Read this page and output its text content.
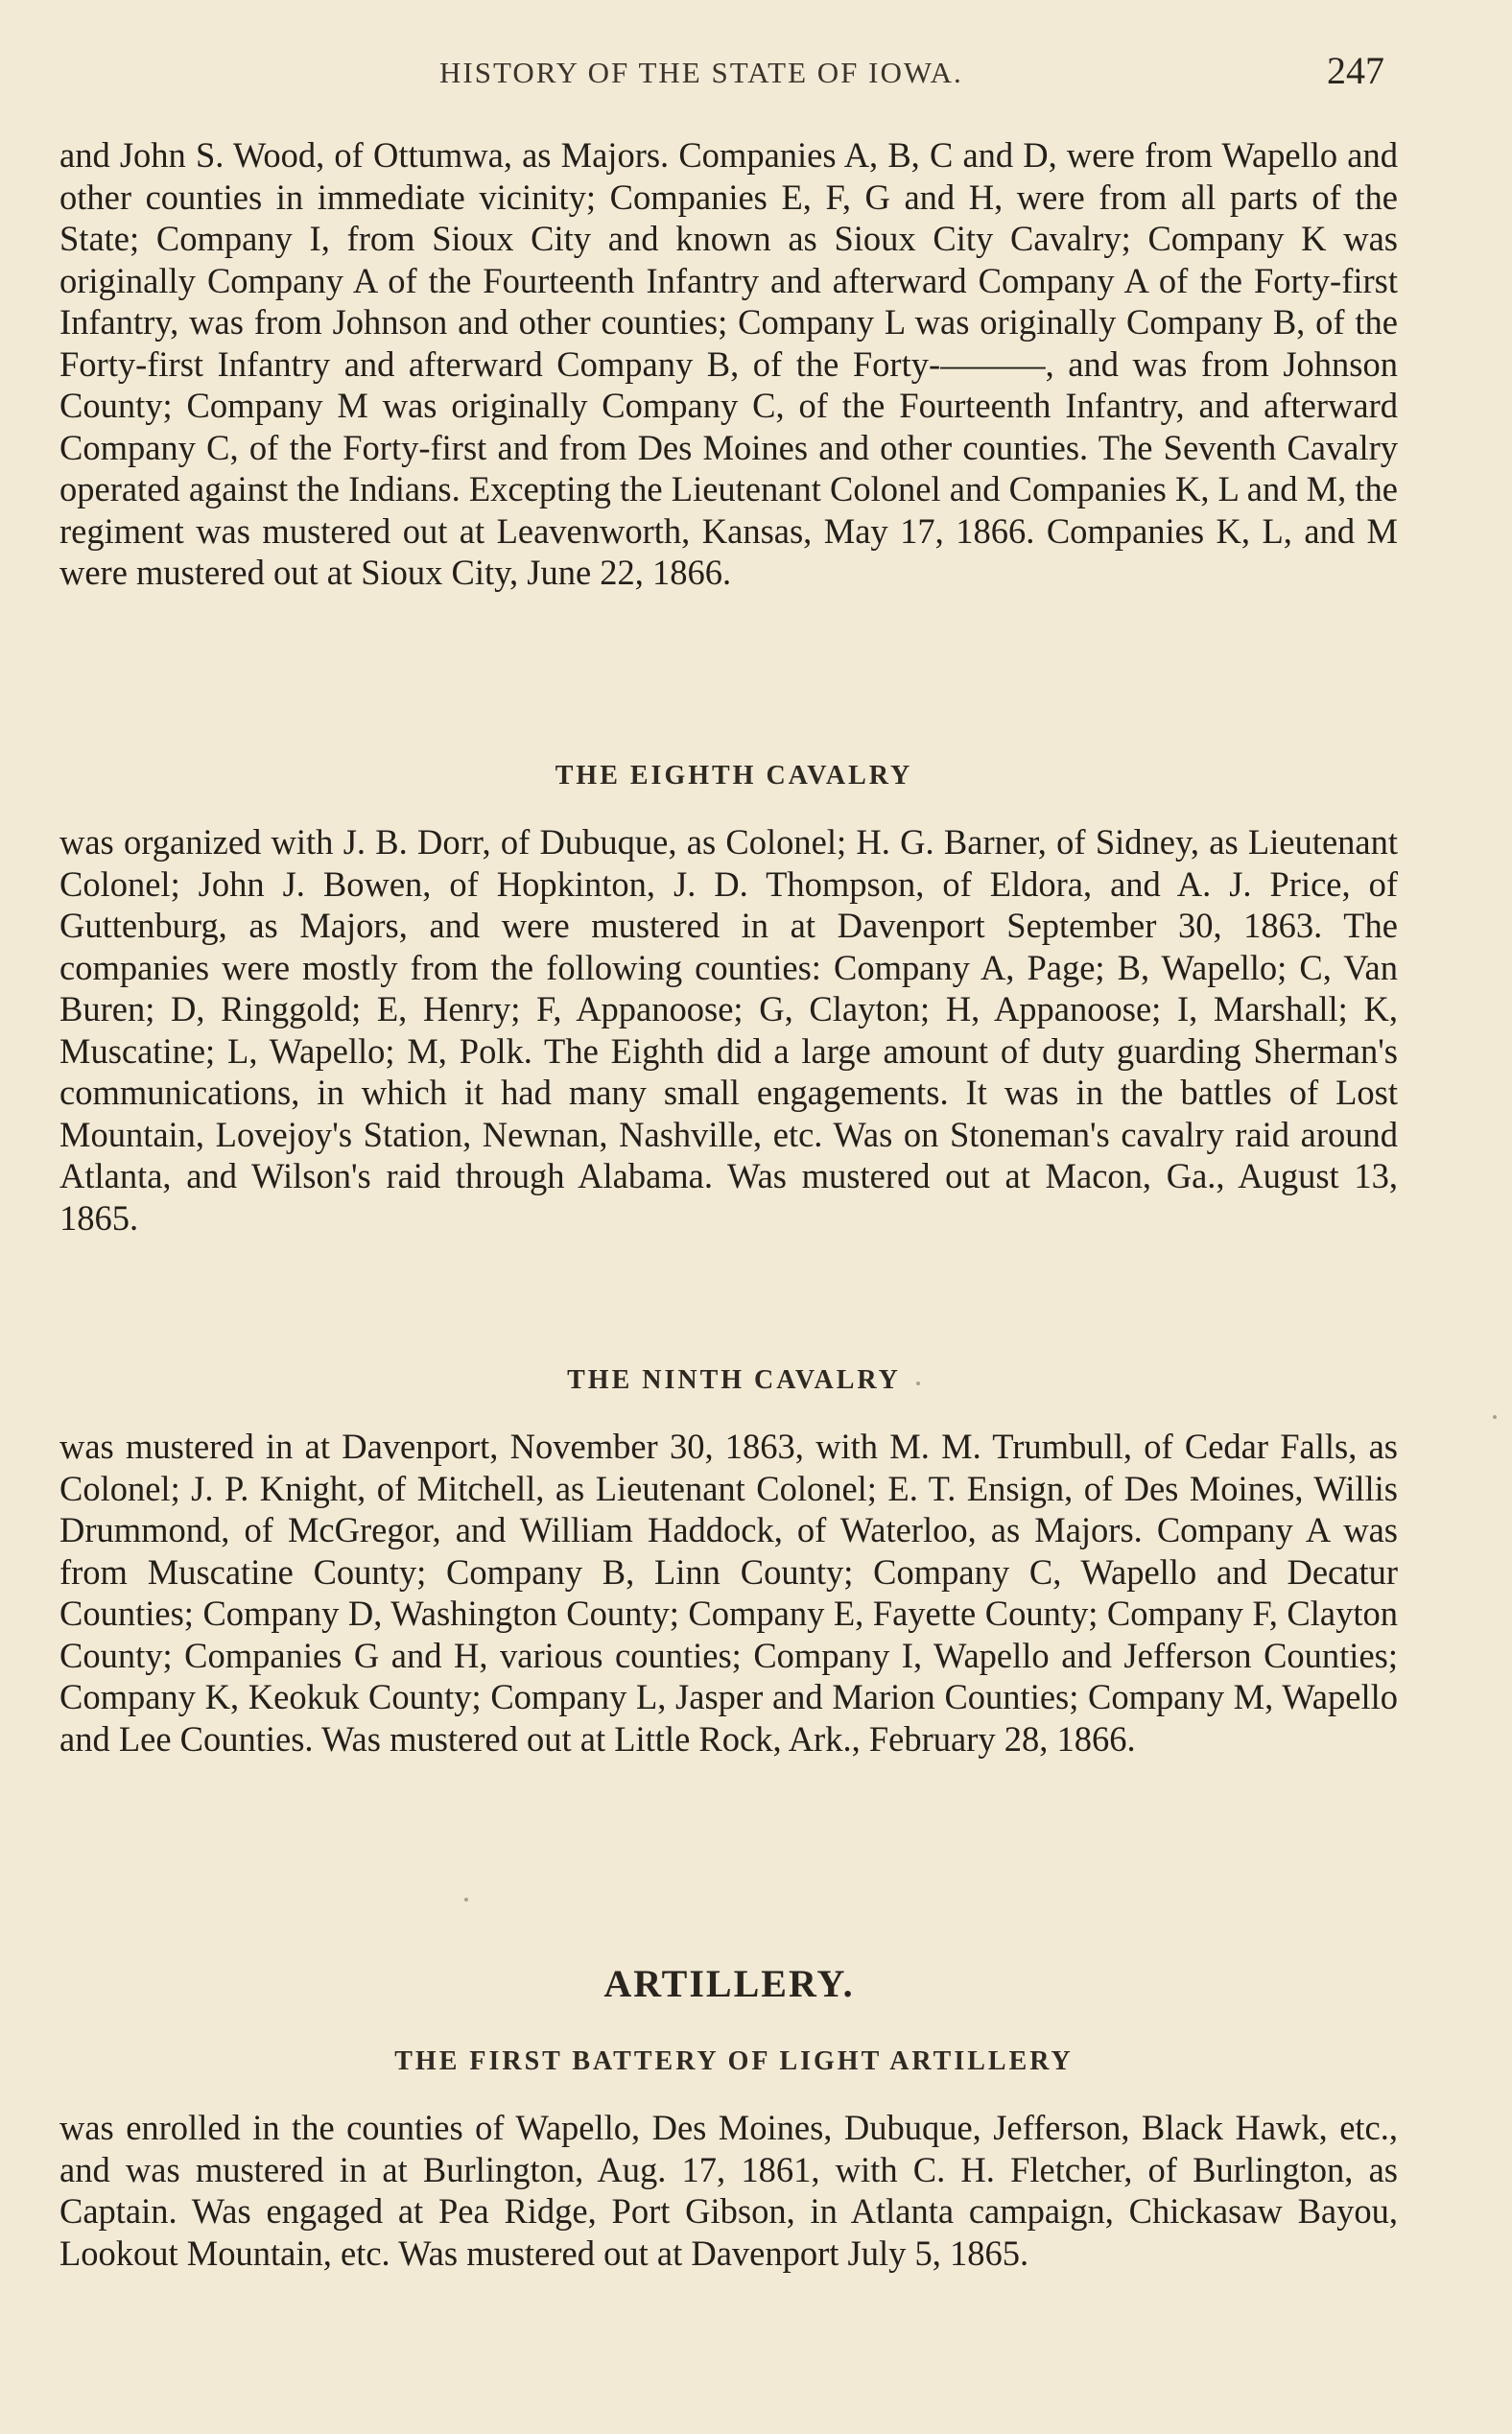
HISTORY OF THE STATE OF IOWA.	247

and John S. Wood, of Ottumwa, as Majors. Companies A, B, C and D, were from Wapello and other counties in immediate vicinity; Companies E, F, G and H, were from all parts of the State; Company I, from Sioux City and known as Sioux City Cavalry; Company K was originally Company A of the Fourteenth Infantry and afterward Company A of the Forty-first Infantry, was from Johnson and other counties; Company L was originally Company B, of the Forty-first Infantry and afterward Company B, of the Forty-———, and was from Johnson County; Company M was originally Company C, of the Fourteenth Infantry, and afterward Company C, of the Forty-first and from Des Moines and other counties. The Seventh Cavalry operated against the Indians. Excepting the Lieutenant Colonel and Companies K, L and M, the regiment was mustered out at Leavenworth, Kansas, May 17, 1866. Companies K, L, and M were mustered out at Sioux City, June 22, 1866.

THE EIGHTH CAVALRY

was organized with J. B. Dorr, of Dubuque, as Colonel; H. G. Barner, of Sidney, as Lieutenant Colonel; John J. Bowen, of Hopkinton, J. D. Thompson, of Eldora, and A. J. Price, of Guttenburg, as Majors, and were mustered in at Davenport September 30, 1863. The companies were mostly from the following counties: Company A, Page; B, Wapello; C, Van Buren; D, Ringgold; E, Henry; F, Appanoose; G, Clayton; H, Appanoose; I, Marshall; K, Muscatine; L, Wapello; M, Polk. The Eighth did a large amount of duty guarding Sherman's communications, in which it had many small engagements. It was in the battles of Lost Mountain, Lovejoy's Station, Newnan, Nashville, etc. Was on Stoneman's cavalry raid around Atlanta, and Wilson's raid through Alabama. Was mustered out at Macon, Ga., August 13, 1865.

THE NINTH CAVALRY

was mustered in at Davenport, November 30, 1863, with M. M. Trumbull, of Cedar Falls, as Colonel; J. P. Knight, of Mitchell, as Lieutenant Colonel; E. T. Ensign, of Des Moines, Willis Drummond, of McGregor, and William Haddock, of Waterloo, as Majors. Company A was from Muscatine County; Company B, Linn County; Company C, Wapello and Decatur Counties; Company D, Washington County; Company E, Fayette County; Company F, Clayton County; Companies G and H, various counties; Company I, Wapello and Jefferson Counties; Company K, Keokuk County; Company L, Jasper and Marion Counties; Company M, Wapello and Lee Counties. Was mustered out at Little Rock, Ark., February 28, 1866.

ARTILLERY.
THE FIRST BATTERY OF LIGHT ARTILLERY

was enrolled in the counties of Wapello, Des Moines, Dubuque, Jefferson, Black Hawk, etc., and was mustered in at Burlington, Aug. 17, 1861, with C. H. Fletcher, of Burlington, as Captain. Was engaged at Pea Ridge, Port Gibson, in Atlanta campaign, Chickasaw Bayou, Lookout Mountain, etc. Was mustered out at Davenport July 5, 1865.
